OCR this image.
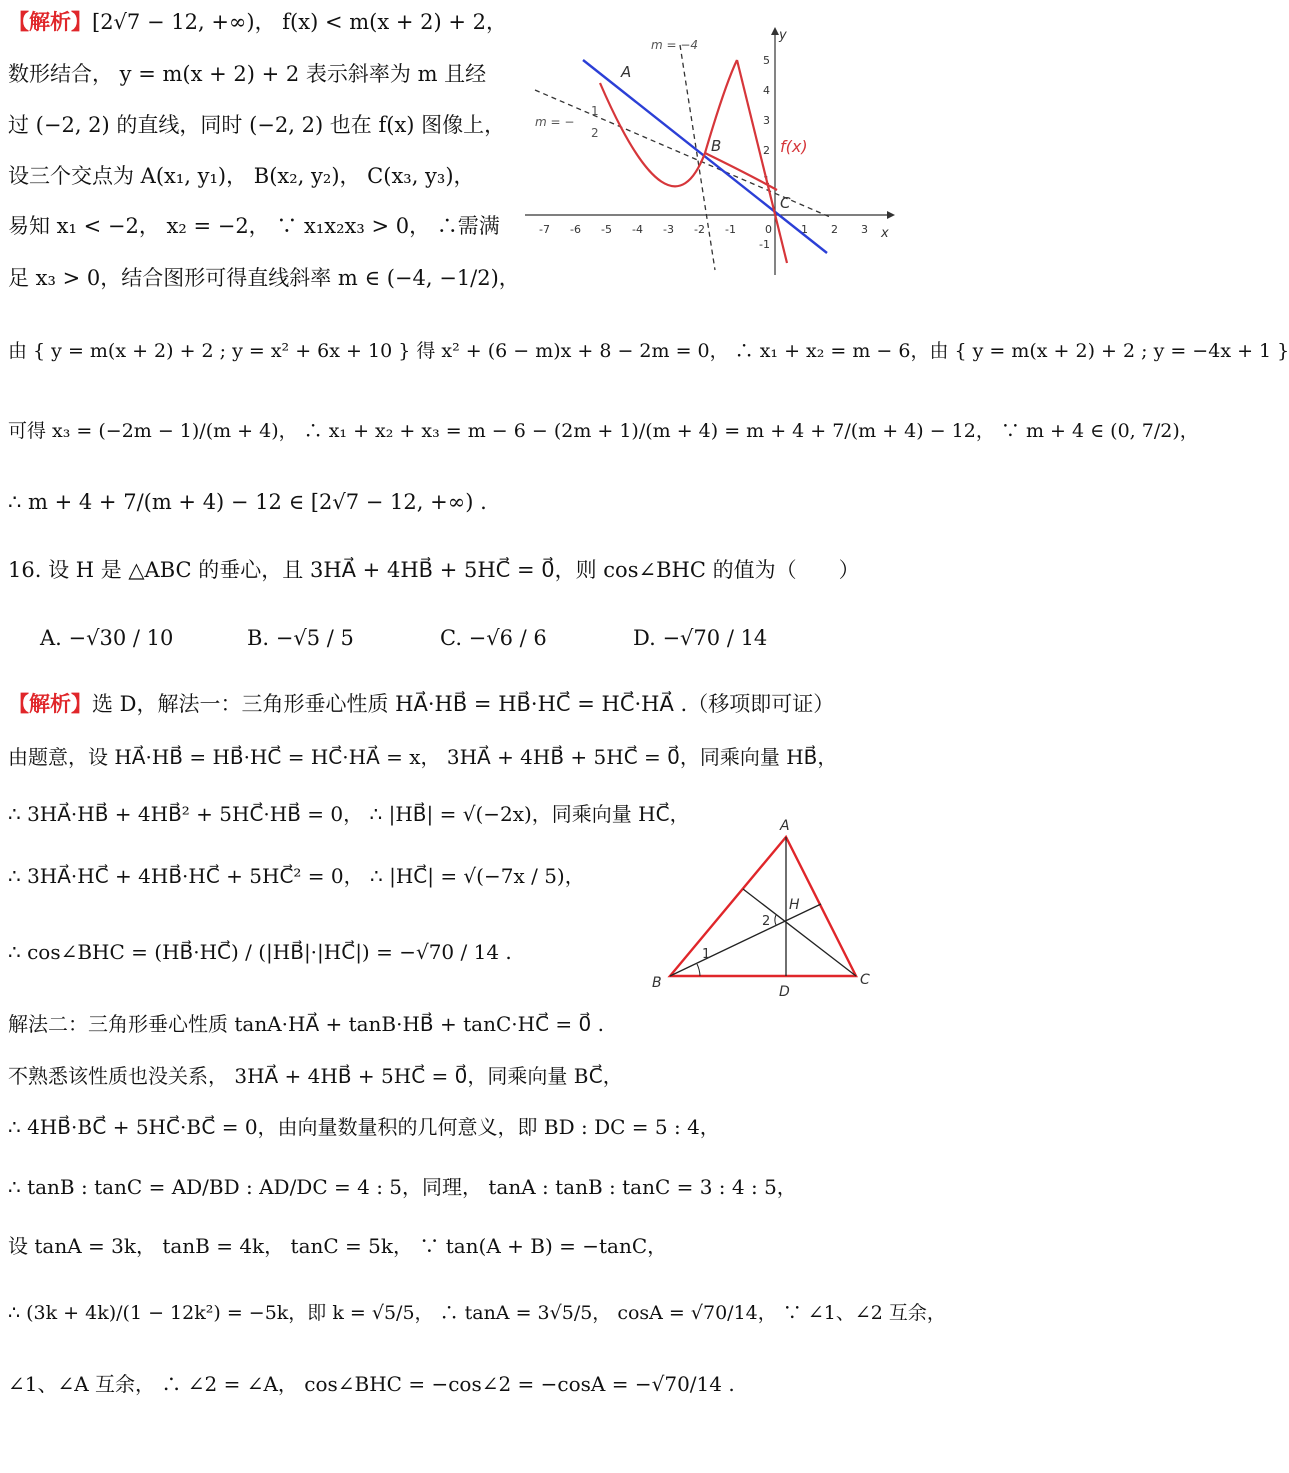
【解析】[2√7 − 12, +∞)， f(x) < m(x + 2) + 2，
数形结合， y = m(x + 2) + 2 表示斜率为 m 且经
过 (−2, 2) 的直线，同时 (−2, 2) 也在 f(x) 图像上，
设三个交点为 A(x₁, y₁)， B(x₂, y₂)， C(x₃, y₃)，
易知 x₁ < −2， x₂ = −2， ∵ x₁x₂x₃ > 0， ∴需满
足 x₃ > 0，结合图形可得直线斜率 m ∈ (−4, −1/2)，
由 { y = m(x + 2) + 2 ; y = x² + 6x + 10 } 得 x² + (6 − m)x + 8 − 2m = 0， ∴ x₁ + x₂ = m − 6，由 { y = m(x + 2) + 2 ; y = −4x + 1 }
可得 x₃ = (−2m − 1)/(m + 4)， ∴ x₁ + x₂ + x₃ = m − 6 − (2m + 1)/(m + 4) = m + 4 + 7/(m + 4) − 12， ∵ m + 4 ∈ (0, 7/2)，
∴ m + 4 + 7/(m + 4) − 12 ∈ [2√7 − 12, +∞) .
x
y
-7 -6 -5 -4 -3 -2 -1	0	1 2 3
5
4
3
2
1
-1
A
B
C
f(x)
m = −4
m = −
1
2
16. 设 H 是 △ABC 的垂心，且 3HA⃗ + 4HB⃗ + 5HC⃗ = 0⃗，则 cos∠BHC 的值为（　　）
A. −√30 / 10	B. −√5 / 5	C. −√6 / 6	D. −√70 / 14
【解析】选 D，解法一：三角形垂心性质 HA⃗·HB⃗ = HB⃗·HC⃗ = HC⃗·HA⃗ .（移项即可证）
由题意，设 HA⃗·HB⃗ = HB⃗·HC⃗ = HC⃗·HA⃗ = x， 3HA⃗ + 4HB⃗ + 5HC⃗ = 0⃗，同乘向量 HB⃗，
∴ 3HA⃗·HB⃗ + 4HB⃗² + 5HC⃗·HB⃗ = 0， ∴ |HB⃗| = √(−2x)，同乘向量 HC⃗，
∴ 3HA⃗·HC⃗ + 4HB⃗·HC⃗ + 5HC⃗² = 0， ∴ |HC⃗| = √(−7x / 5)，
∴ cos∠BHC = (HB⃗·HC⃗) / (|HB⃗|·|HC⃗|) = −√70 / 14 .
解法二：三角形垂心性质 tanA·HA⃗ + tanB·HB⃗ + tanC·HC⃗ = 0⃗ .
不熟悉该性质也没关系， 3HA⃗ + 4HB⃗ + 5HC⃗ = 0⃗，同乘向量 BC⃗，
∴ 4HB⃗·BC⃗ + 5HC⃗·BC⃗ = 0，由向量数量积的几何意义，即 BD : DC = 5 : 4，
∴ tanB : tanC = AD/BD : AD/DC = 4 : 5，同理， tanA : tanB : tanC = 3 : 4 : 5，
设 tanA = 3k， tanB = 4k， tanC = 5k， ∵ tan(A + B) = −tanC，
∴ (3k + 4k)/(1 − 12k²) = −5k，即 k = √5/5， ∴ tanA = 3√5/5， cosA = √70/14， ∵ ∠1、∠2 互余，
∠1、∠A 互余， ∴ ∠2 = ∠A， cos∠BHC = −cos∠2 = −cosA = −√70/14 .
A
B	C
D
H
1
2
